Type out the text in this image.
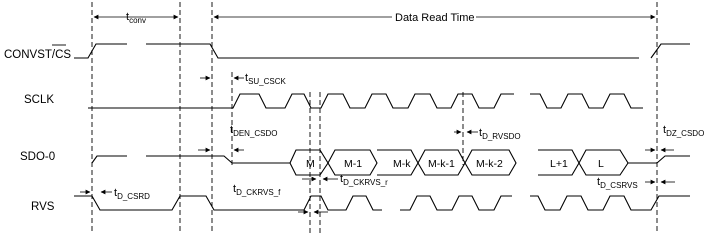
CONVST/CS
SCLK
SDO-0
RVS
$t_{conv}$	Data Read Time
$t_{SU\_CSCK}$
M	M-1	M-k M-k-1 M-k-2	L+1	L
$t_{DEN\_CSDO}$	$t_{D\_RVSDO}$
$t_{DZ\_CSDO}$
$t_{D\_CSRD}$
$t_{D\_CKRVS\_f}$
$t_{D\_CKRVS\_r}$	$t_{D\_CSRVS}$
